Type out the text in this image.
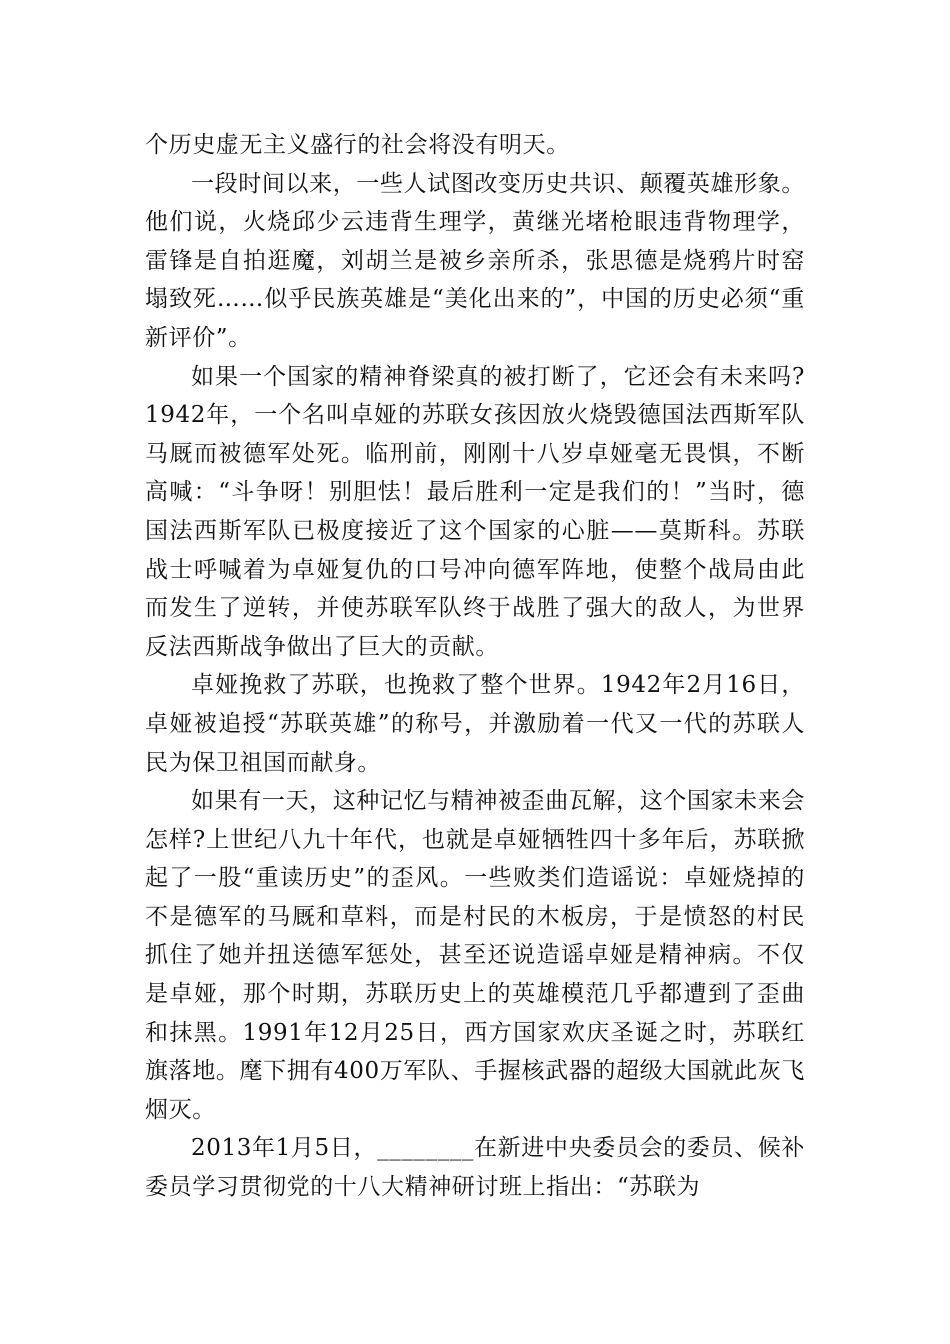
个历史虚无主义盛行的社会将没有明天。

一段时间以来，一些人试图改变历史共识、颠覆英雄形象。他们说，火烧邱少云违背生理学，黄继光堵枪眼违背物理学，雷锋是自拍逛魔，刘胡兰是被乡亲所杀，张思德是烧鸦片时窑塌致死……似乎民族英雄是“美化出来的”，中国的历史必须“重新评价”。

如果一个国家的精神脊梁真的被打断了，它还会有未来吗?1942年，一个名叫卓娅的苏联女孩因放火烧毁德国法西斯军队马厩而被德军处死。临刑前，刚刚十八岁卓娅毫无畏惧，不断高喊：“斗争呀！别胆怯！最后胜利一定是我们的！”当时，德国法西斯军队已极度接近了这个国家的心脏——莫斯科。苏联战士呼喊着为卓娅复仇的口号冲向德军阵地，使整个战局由此而发生了逆转，并使苏联军队终于战胜了强大的敌人，为世界反法西斯战争做出了巨大的贡献。

卓娅挽救了苏联，也挽救了整个世界。1942年2月16日，卓娅被追授“苏联英雄”的称号，并激励着一代又一代的苏联人民为保卫祖国而献身。

如果有一天，这种记忆与精神被歪曲瓦解，这个国家未来会怎样?上世纪八九十年代，也就是卓娅牺牲四十多年后，苏联掀起了一股“重读历史”的歪风。一些败类们造谣说：卓娅烧掉的不是德军的马厩和草料，而是村民的木板房，于是愤怒的村民抓住了她并扭送德军惩处，甚至还说造谣卓娅是精神病。不仅是卓娅，那个时期，苏联历史上的英雄模范几乎都遭到了歪曲和抹黑。1991年12月25日，西方国家欢庆圣诞之时，苏联红旗落地。麾下拥有400万军队、手握核武器的超级大国就此灰飞烟灭。

2013年1月5日，________在新进中央委员会的委员、候补委员学习贯彻党的十八大精神研讨班上指出：“苏联为
